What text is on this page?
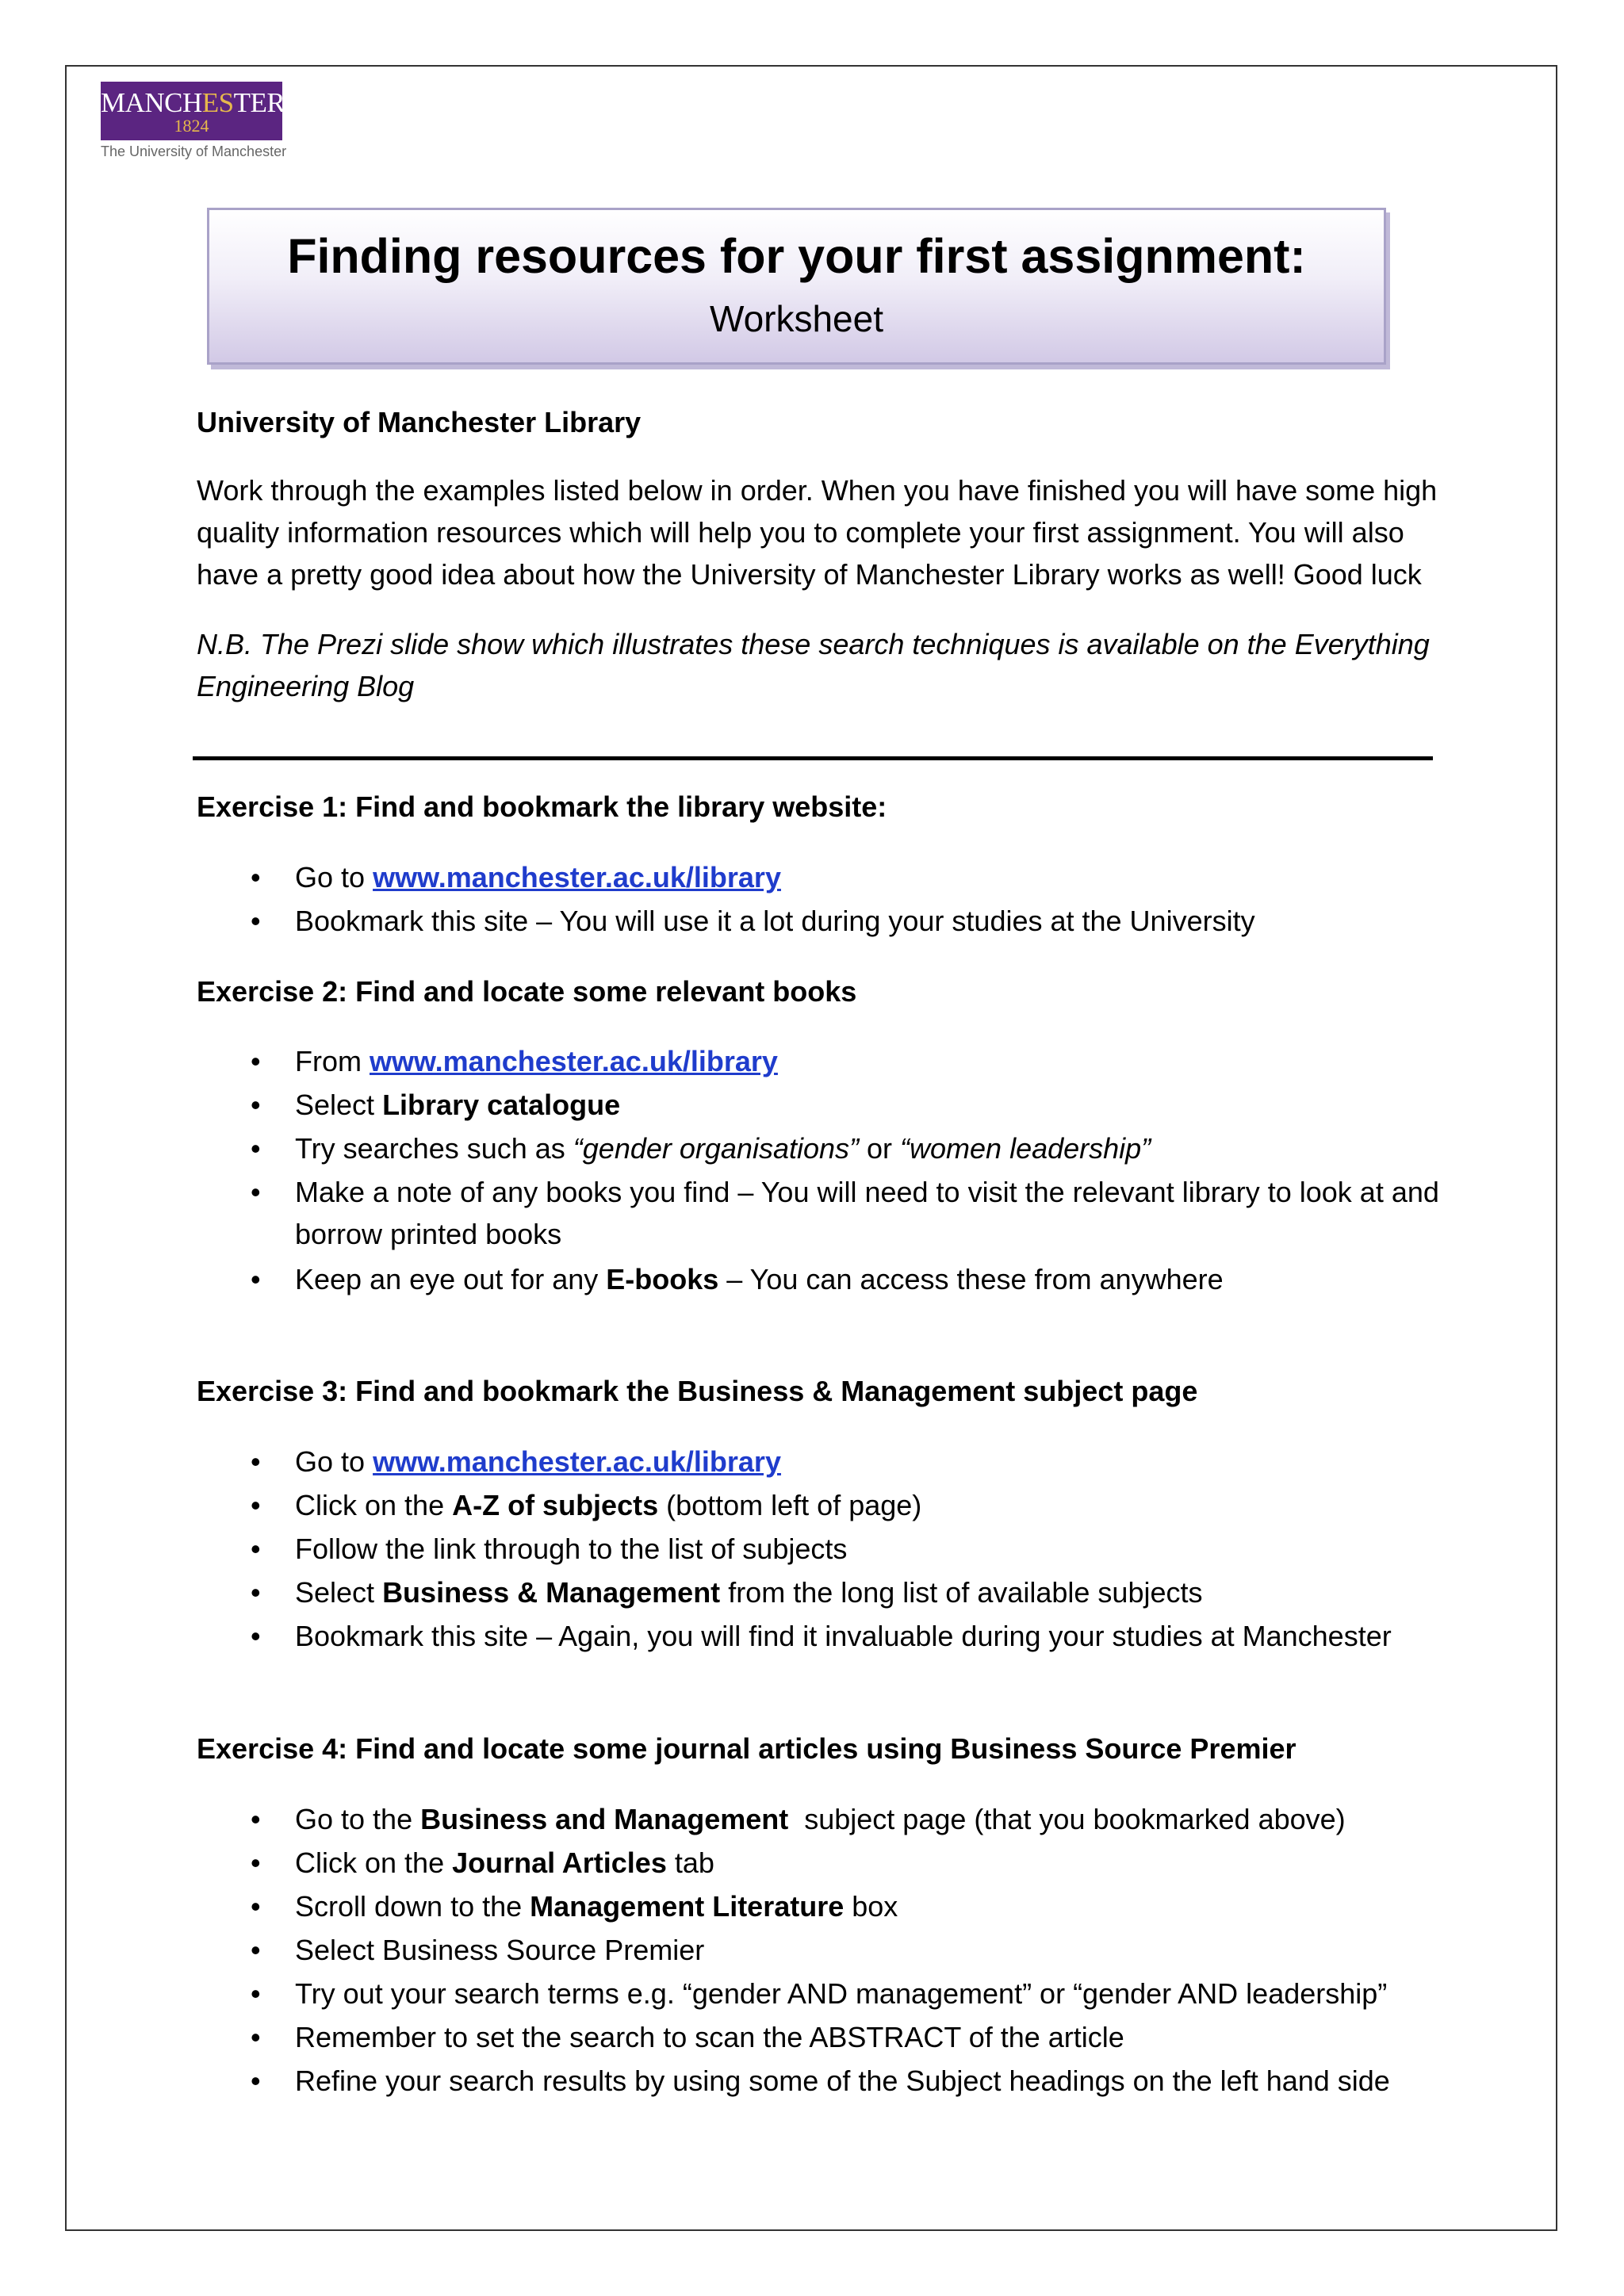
MANCHESTER
1824
The University of Manchester
Finding resources for your first assignment:
Worksheet
University of Manchester Library
Work through the examples listed below in order. When you have finished you will have some high
quality information resources which will help you to complete your first assignment. You will also
have a pretty good idea about how the University of Manchester Library works as well! Good luck
N.B. The Prezi slide show which illustrates these search techniques is available on the Everything
Engineering Blog
Exercise 1: Find and bookmark the library website:
• Go to www.manchester.ac.uk/library
• Bookmark this site – You will use it a lot during your studies at the University
Exercise 2: Find and locate some relevant books
• From www.manchester.ac.uk/library
• Select Library catalogue
• Try searches such as “gender organisations” or “women leadership”
• Make a note of any books you find – You will need to visit the relevant library to look at and
borrow printed books
• Keep an eye out for any E-books – You can access these from anywhere
Exercise 3: Find and bookmark the Business & Management subject page
• Go to www.manchester.ac.uk/library
• Click on the A-Z of subjects (bottom left of page)
• Follow the link through to the list of subjects
• Select Business & Management from the long list of available subjects
• Bookmark this site – Again, you will find it invaluable during your studies at Manchester
Exercise 4: Find and locate some journal articles using Business Source Premier
• Go to the Business and Management  subject page (that you bookmarked above)
• Click on the Journal Articles tab
• Scroll down to the Management Literature box
• Select Business Source Premier
• Try out your search terms e.g. “gender AND management” or “gender AND leadership”
• Remember to set the search to scan the ABSTRACT of the article
• Refine your search results by using some of the Subject headings on the left hand side
